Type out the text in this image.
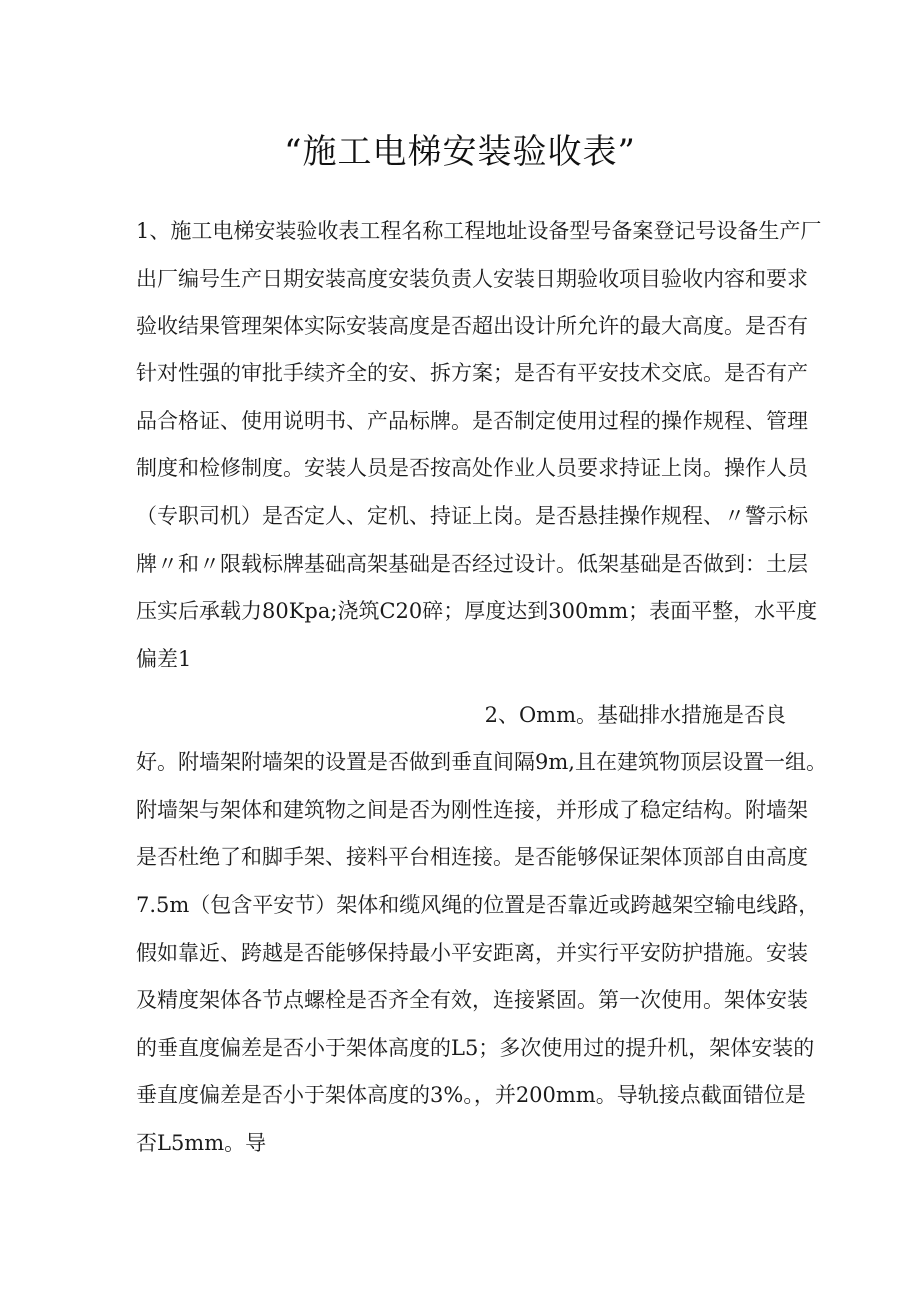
“施工电梯安装验收表”
1、施工电梯安装验收表工程名称工程地址设备型号备案登记号设备生产厂
出厂编号生产日期安装高度安装负责人安装日期验收项目验收内容和要求
验收结果管理架体实际安装高度是否超出设计所允许的最大高度。是否有
针对性强的审批手续齐全的安、拆方案；是否有平安技术交底。是否有产
品合格证、使用说明书、产品标牌。是否制定使用过程的操作规程、管理
制度和检修制度。安装人员是否按高处作业人员要求持证上岗。操作人员
（专职司机）是否定人、定机、持证上岗。是否悬挂操作规程、〃警示标
牌〃和〃限载标牌基础高架基础是否经过设计。低架基础是否做到：土层
压实后承载力80Kpa;浇筑C20碎；厚度达到300mm；表面平整，水平度
偏差1
2、Omm。基础排水措施是否良
好。附墙架附墙架的设置是否做到垂直间隔9m,且在建筑物顶层设置一组。
附墙架与架体和建筑物之间是否为刚性连接，并形成了稳定结构。附墙架
是否杜绝了和脚手架、接料平台相连接。是否能够保证架体顶部自由高度
7.5m（包含平安节）架体和缆风绳的位置是否靠近或跨越架空输电线路，
假如靠近、跨越是否能够保持最小平安距离，并实行平安防护措施。安装
及精度架体各节点螺栓是否齐全有效，连接紧固。第一次使用。架体安装
的垂直度偏差是否小于架体高度的L5；多次使用过的提升机，架体安装的
垂直度偏差是否小于架体高度的3%。，并200mm。导轨接点截面错位是
否L5mm。导
